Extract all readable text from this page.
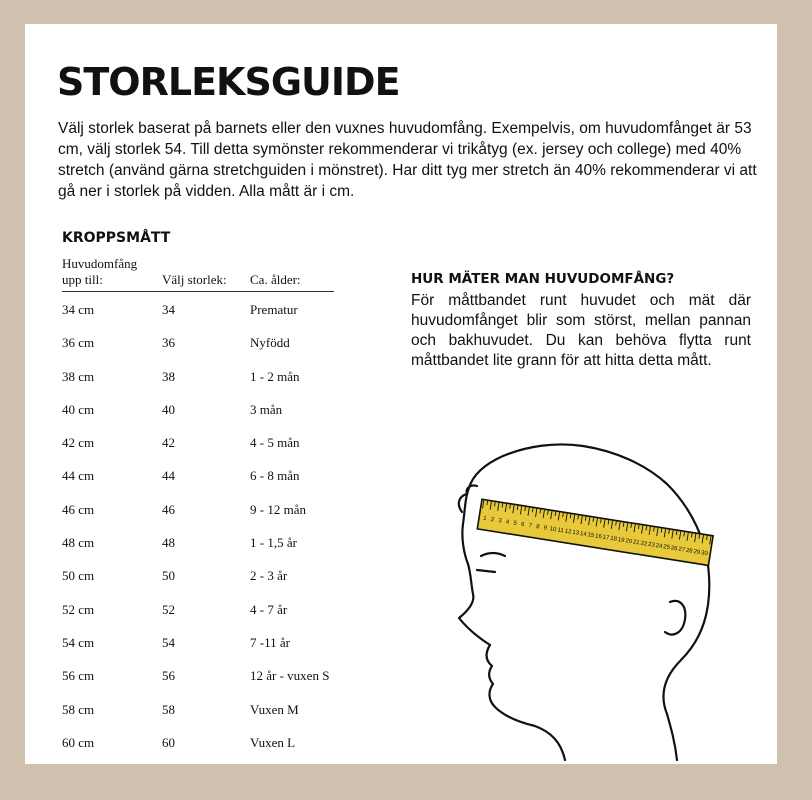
STORLEKSGUIDE

Välj storlek baserat på barnets eller den vuxnes huvudomfång. Exempelvis, om huvudomfånget är 53 cm, välj storlek 54. Till detta symönster rekommenderar vi trikåtyg (ex. jersey och college) med 40% stretch (använd gärna stretchguiden i mönstret). Har ditt tyg mer stretch än 40% rekommenderar vi att gå ner i storlek på vidden. Alla mått är i cm.

KROPPSMÅTT
Huvudomfång upp till:	Välj storlek: Ca. ålder:
34 cm	34	Prematur
36 cm	36	Nyfödd
38 cm	38	1 - 2 mån
40 cm	40	3 mån
42 cm	42	4 - 5 mån
44 cm	44	6 - 8 mån
46 cm	46	9 - 12 mån
48 cm	48	1 - 1,5 år
50 cm	50	2 - 3 år
52 cm	52	4 - 7 år
54 cm	54	7 -11 år
56 cm	56	12 år - vuxen S
58 cm	58	Vuxen M
60 cm	60	Vuxen L
HUR MÄTER MAN HUVUDOMFÅNG?

För måttbandet runt huvudet och mät där huvudomfånget blir som störst, mellan pannan och bakhuvudet. Du kan behöva flytta runt måttbandet lite grann för att hitta detta mått.

1 2 3 4 5 6 7 8 9 10 11 12 13 14 15 16 17 18 19 20 21 22 23 24 25 26 27 28 29 30
